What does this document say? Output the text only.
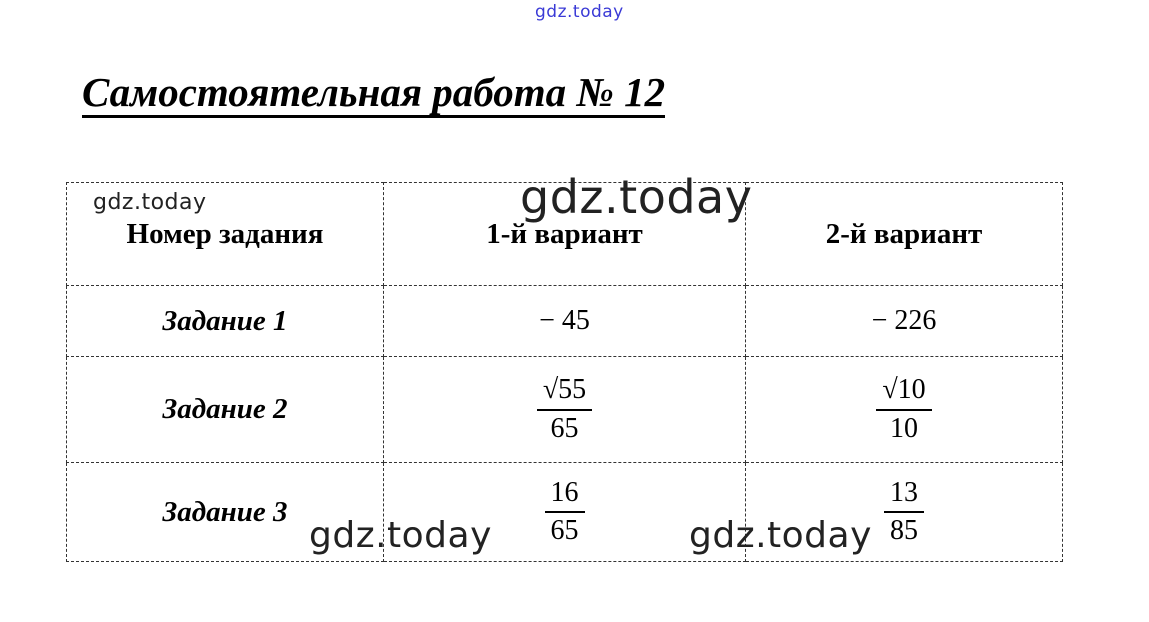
gdz.today
Самостоятельная работа № 12
Номер задания	1-й вариант	2-й вариант
Задание 1	− 45	− 226
Задание 2	$\frac{√55}{65}$	$\frac{√10}{10}$

Задание 3	$\frac{16}{65}$	$\frac{13}{85}$
gdz.today	gdz.today
gdz.today	gdz.today
